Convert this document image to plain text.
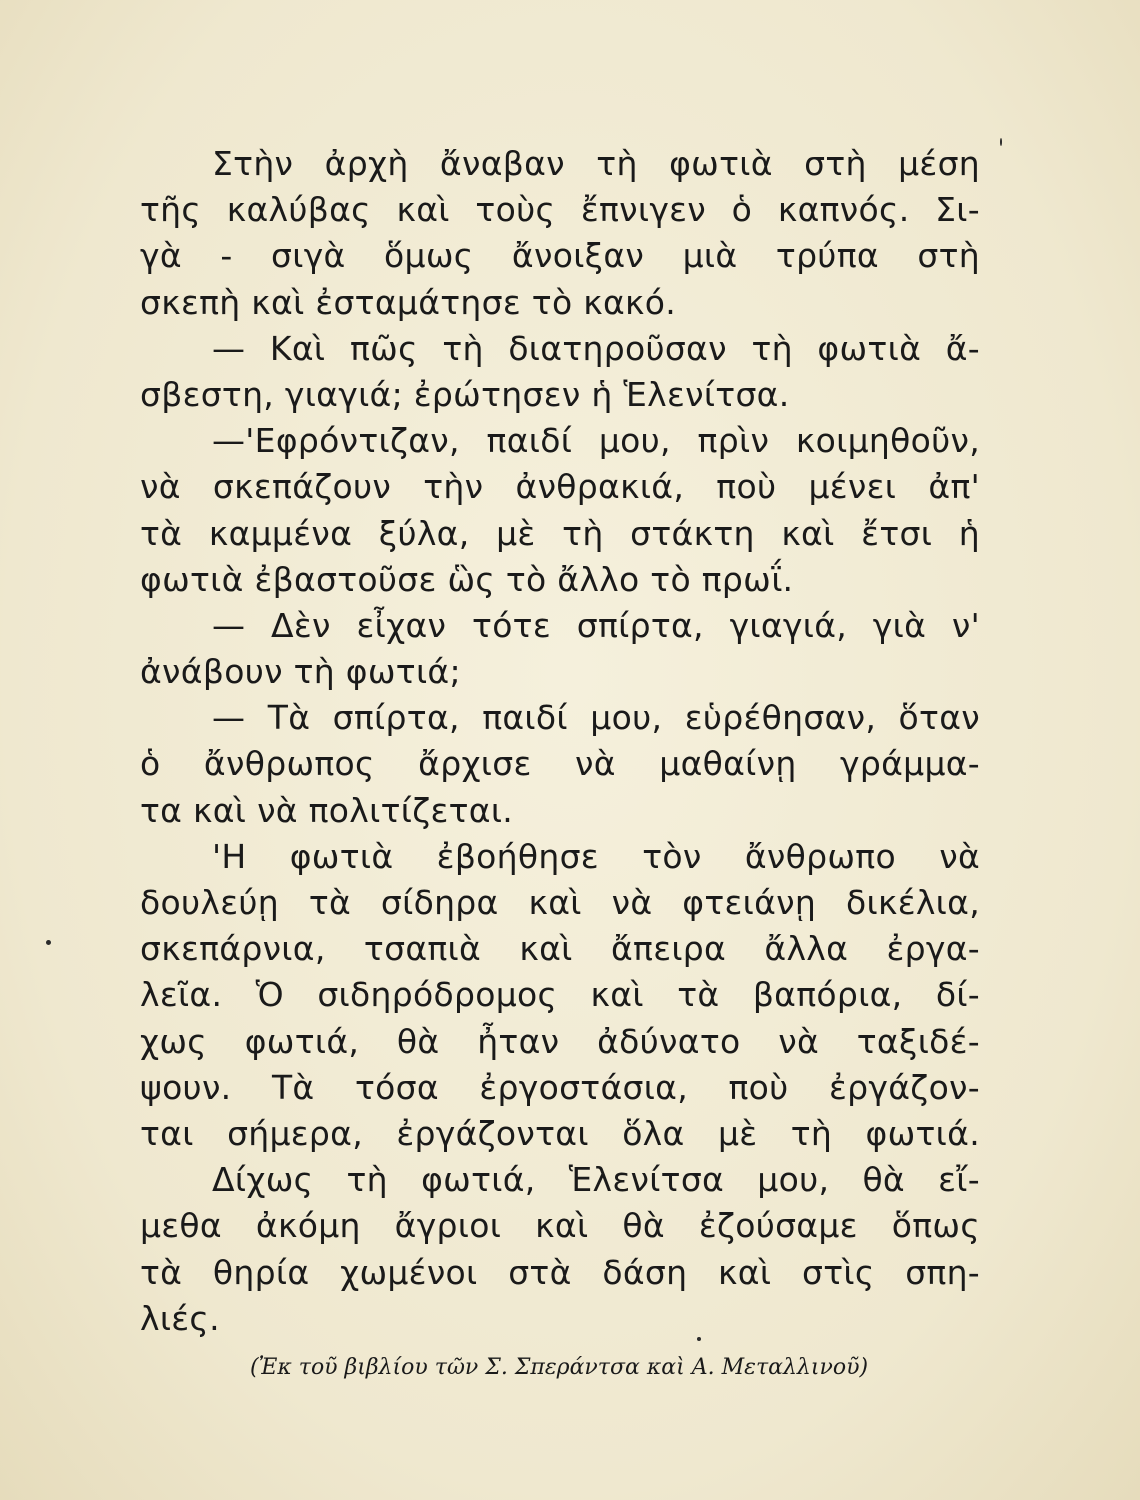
Στὴν ἀρχὴ ἄναβαν τὴ φωτιὰ στὴ μέση
τῆς καλύβας καὶ τοὺς ἔπνιγεν ὁ καπνός. Σι-
γὰ - σιγὰ ὅμως ἄνοιξαν μιὰ τρύπα στὴ
σκεπὴ καὶ ἐσταμάτησε τὸ κακό.
— Καὶ πῶς τὴ διατηροῦσαν τὴ φωτιὰ ἄ-
σβεστη, γιαγιά; ἐρώτησεν ἡ Ἑλενίτσα.
—'Εφρόντιζαν, παιδί μου, πρὶν κοιμηθοῦν,
νὰ σκεπάζουν τὴν ἀνθρακιά, ποὺ μένει ἀπ'
τὰ καμμένα ξύλα, μὲ τὴ στάκτη καὶ ἔτσι ἡ
φωτιὰ ἐβαστοῦσε ὣς τὸ ἄλλο τὸ πρωΐ.
— Δὲν εἶχαν τότε σπίρτα, γιαγιά, γιὰ ν'
ἀνάβουν τὴ φωτιά;
— Τὰ σπίρτα, παιδί μου, εὑρέθησαν, ὅταν
ὁ ἄνθρωπος ἄρχισε νὰ μαθαίνῃ γράμμα-
τα καὶ νὰ πολιτίζεται.
'Η φωτιὰ ἐβοήθησε τὸν ἄνθρωπο νὰ
δουλεύῃ τὰ σίδηρα καὶ νὰ φτειάνῃ δικέλια,
σκεπάρνια, τσαπιὰ καὶ ἄπειρα ἄλλα ἐργα-
λεῖα. Ὁ σιδηρόδρομος καὶ τὰ βαπόρια, δί-
χως φωτιά, θὰ ἦταν ἀδύνατο νὰ ταξιδέ-
ψουν. Τὰ τόσα ἐργοστάσια, ποὺ ἐργάζον-
ται σήμερα, ἐργάζονται ὅλα μὲ τὴ φωτιά.
Δίχως τὴ φωτιά, Ἑλενίτσα μου, θὰ εἴ-
μεθα ἀκόμη ἄγριοι καὶ θὰ ἐζούσαμε ὅπως
τὰ θηρία χωμένοι στὰ δάση καὶ στὶς σπη-
λιές.
(Ἐκ τοῦ βιβλίου τῶν Σ. Σπεράντσα καὶ Α. Μεταλλινοῦ)
